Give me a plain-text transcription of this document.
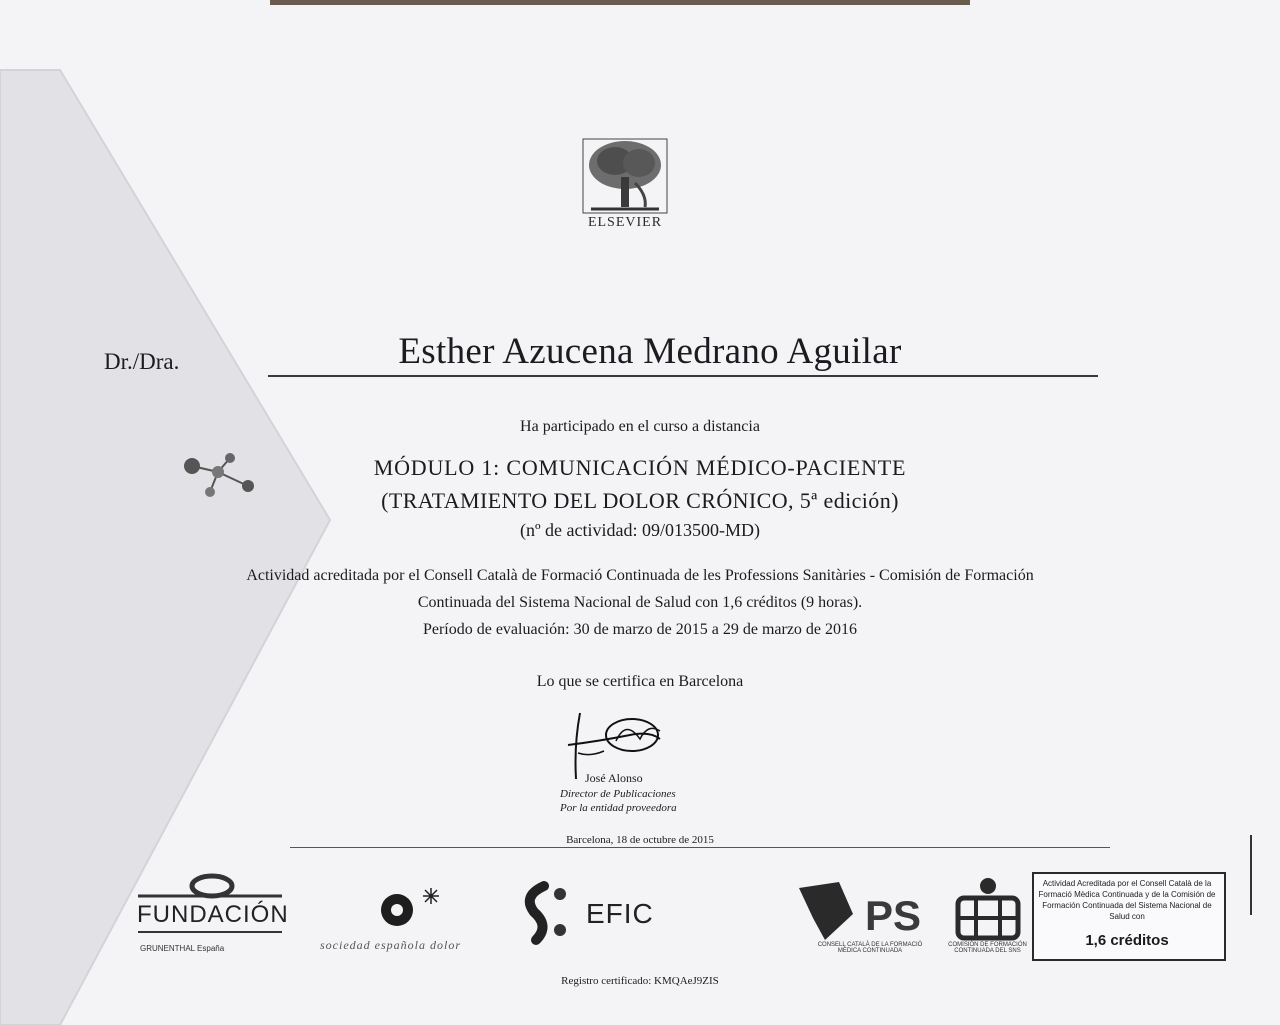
ELSEVIER
Dr./Dra.	Esther Azucena Medrano Aguilar
Ha participado en el curso a distancia
MÓDULO 1: COMUNICACIÓN MÉDICO-PACIENTE
(TRATAMIENTO DEL DOLOR CRÓNICO, 5ª edición)
(nº de actividad: 09/013500-MD)
Actividad acreditada por el Consell Català de Formació Continuada de les Professions Sanitàries - Comisión de Formación
Continuada del Sistema Nacional de Salud con 1,6 créditos (9 horas).
Período de evaluación: 30 de marzo de 2015 a 29 de marzo de 2016
Lo que se certifica en Barcelona
José Alonso
Director de Publicaciones
Por la entidad proveedora
Barcelona, 18 de octubre de 2015
FUNDACIÓN
GRUNENTHAL España	sociedad española dolor
EFIC	PS
CONSELL CATALÀ DE LA FORMACIÓ MÈDICA CONTINUADA
COMISIÓN DE FORMACIÓN CONTINUADA DEL SNS
Actividad Acreditada por el Consell Català de la Formació Mèdica Continuada y de la Comisión de Formación Continuada del Sistema Nacional de Salud con
1,6 créditos
Registro certificado: KMQAeJ9ZIS
